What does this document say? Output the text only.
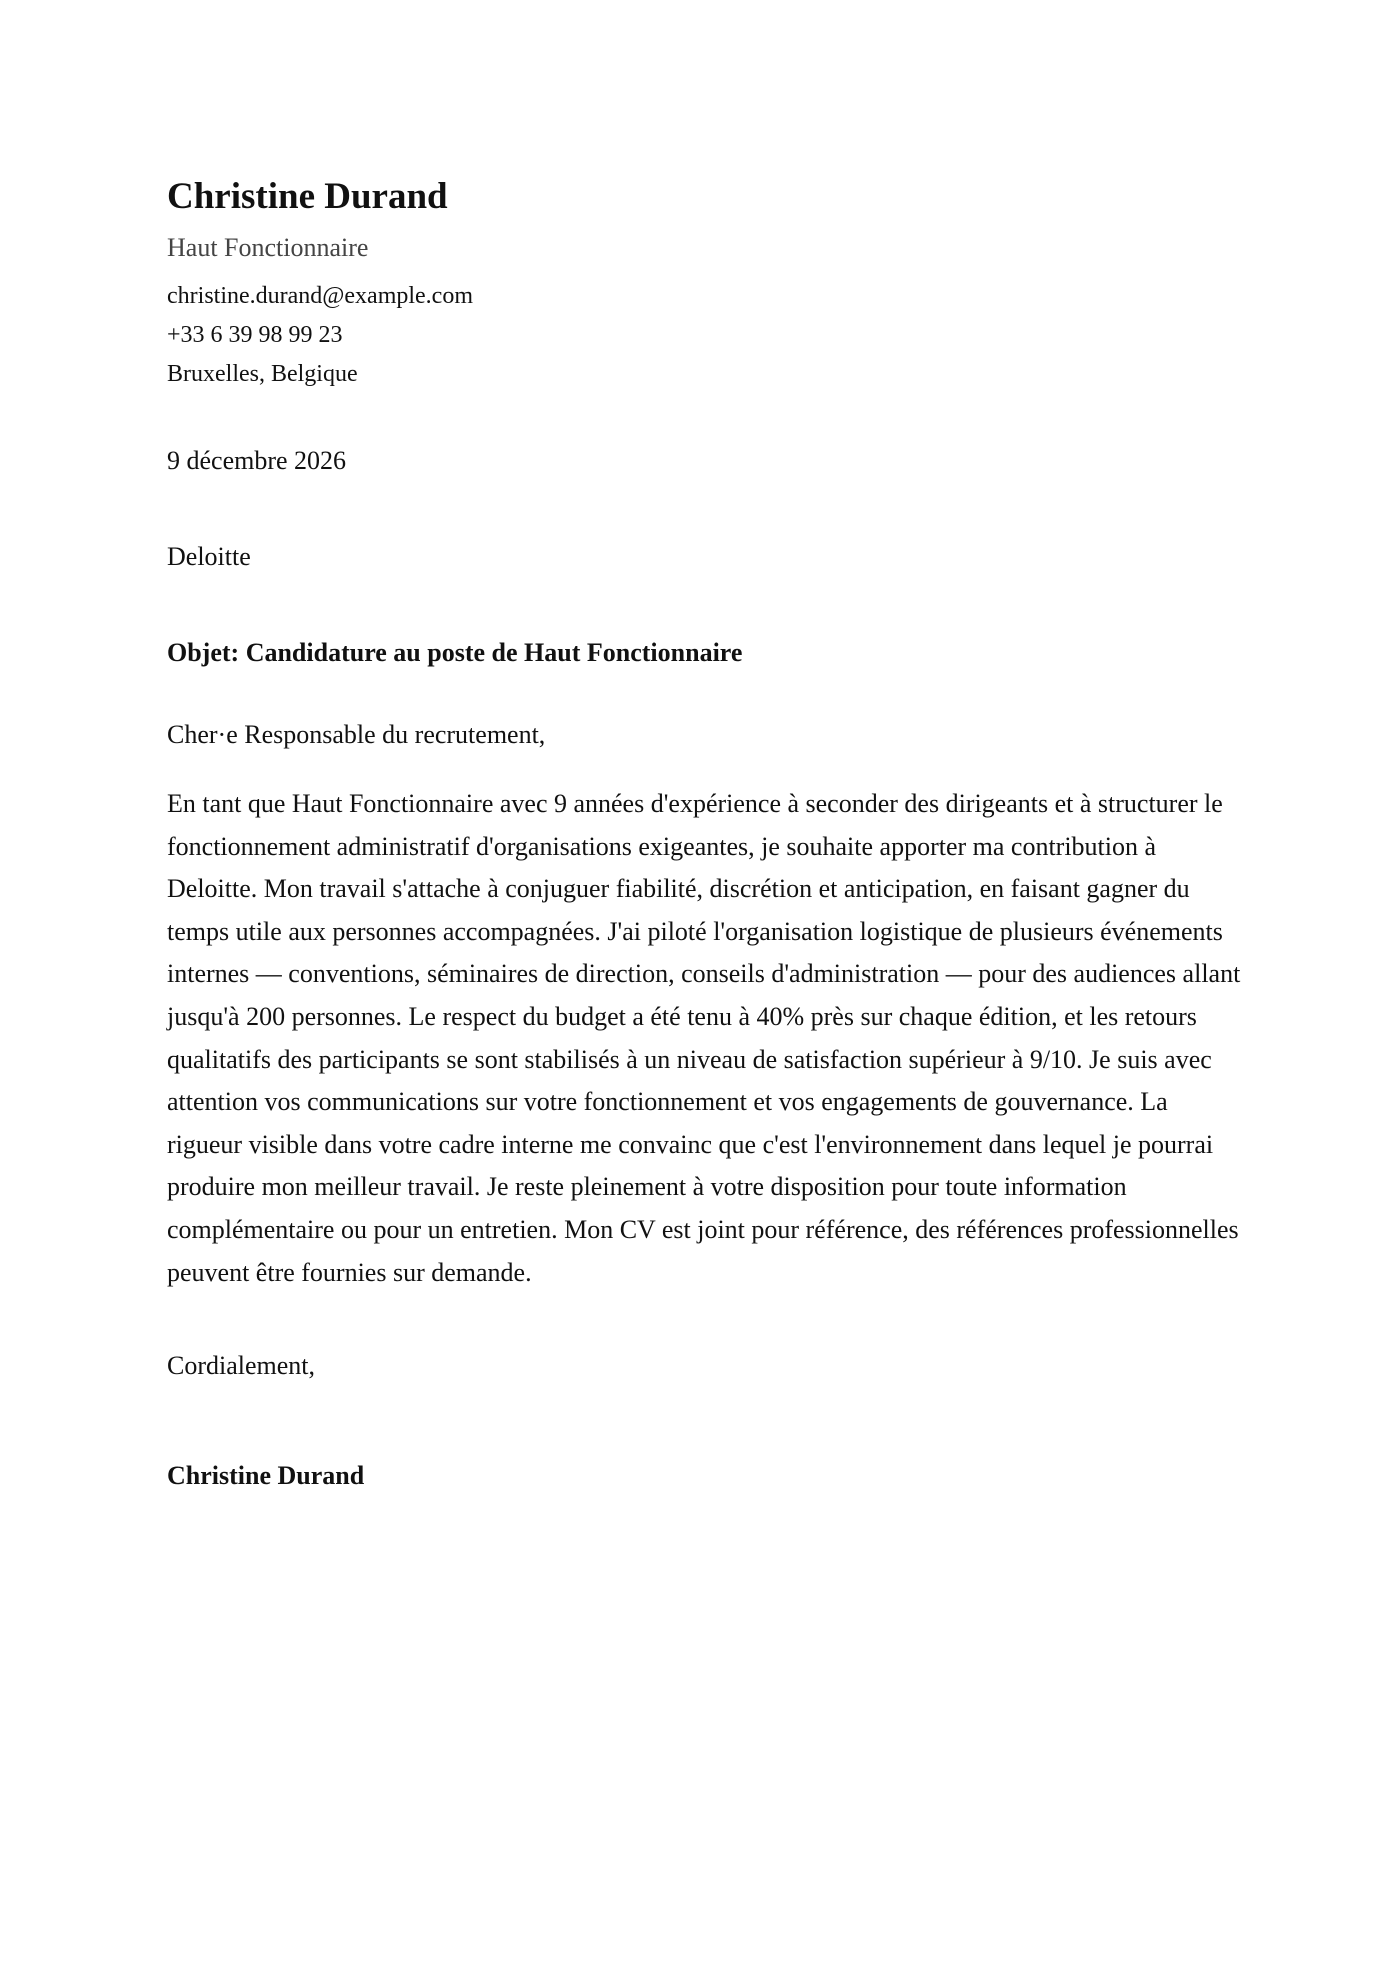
Christine Durand
Haut Fonctionnaire
christine.durand@example.com
+33 6 39 98 99 23
Bruxelles, Belgique
9 décembre 2026
Deloitte
Objet: Candidature au poste de Haut Fonctionnaire
Cher·e Responsable du recrutement,
En tant que Haut Fonctionnaire avec 9 années d'expérience à seconder des dirigeants et à structurer le fonctionnement administratif d'organisations exigeantes, je souhaite apporter ma contribution à Deloitte. Mon travail s'attache à conjuguer fiabilité, discrétion et anticipation, en faisant gagner du temps utile aux personnes accompagnées. J'ai piloté l'organisation logistique de plusieurs événements internes — conventions, séminaires de direction, conseils d'administration — pour des audiences allant jusqu'à 200 personnes. Le respect du budget a été tenu à 40% près sur chaque édition, et les retours qualitatifs des participants se sont stabilisés à un niveau de satisfaction supérieur à 9/10. Je suis avec attention vos communications sur votre fonctionnement et vos engagements de gouvernance. La rigueur visible dans votre cadre interne me convainc que c'est l'environnement dans lequel je pourrai produire mon meilleur travail. Je reste pleinement à votre disposition pour toute information complémentaire ou pour un entretien. Mon CV est joint pour référence, des références professionnelles peuvent être fournies sur demande.
Cordialement,
Christine Durand
